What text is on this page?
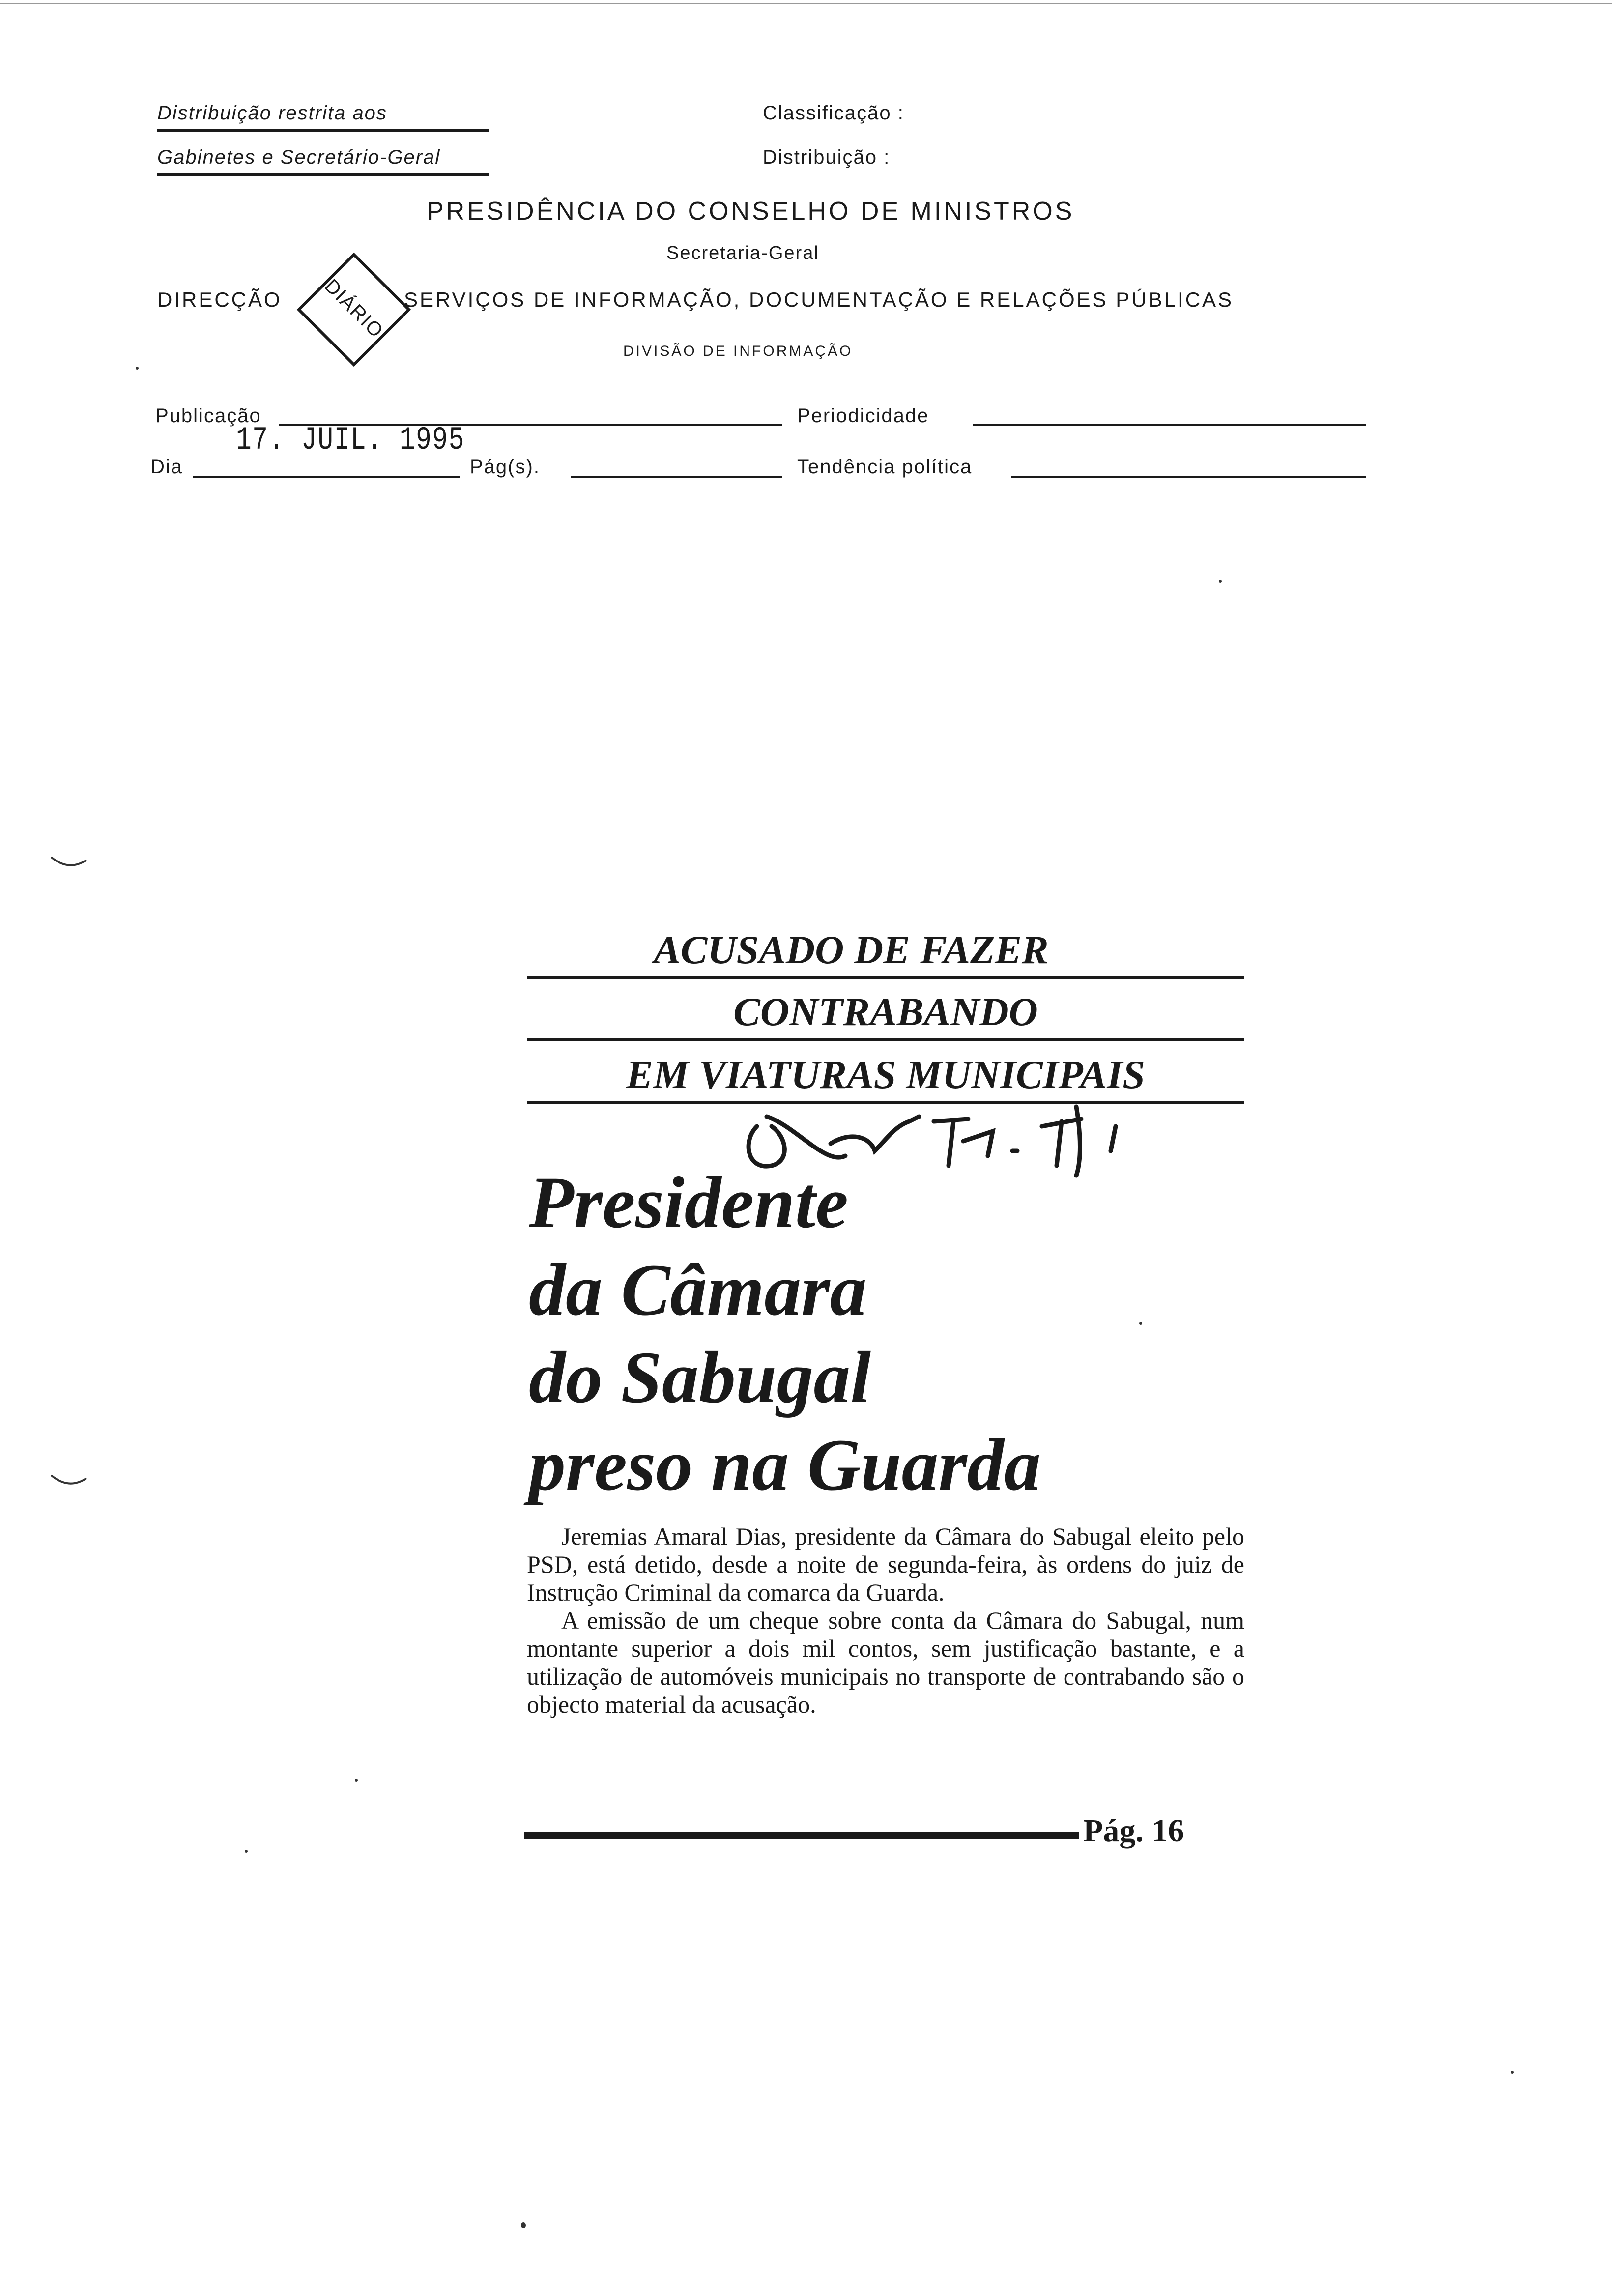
Distribuição restrita aos
Gabinetes e Secretário-Geral
Classificação :
Distribuição :
PRESIDÊNCIA DO CONSELHO DE MINISTROS
Secretaria-Geral
DIRECÇÃO	SERVIÇOS DE INFORMAÇÃO, DOCUMENTAÇÃO E RELAÇÕES PÚBLICAS
DIÁRIO
DIVISÃO DE INFORMAÇÃO
Publicação	Periodicidade
17. JUIL. 1995
Dia	Pág(s).	Tendência política
ACUSADO DE FAZER
CONTRABANDO
EM VIATURAS MUNICIPAIS
Presidente
da Câmara
do Sabugal
preso na Guarda

Jeremias Amaral Dias, presidente da Câmara do Sabugal eleito pelo PSD, está detido, desde a noite de segunda-feira, às ordens do juiz de Instrução Criminal da comarca da Guarda.

A emissão de um cheque sobre conta da Câmara do Sabugal, num montante superior a dois mil contos, sem justificação bastante, e a utilização de automóveis municipais no transporte de contrabando são o objecto material da acusação.

Pág. 16
